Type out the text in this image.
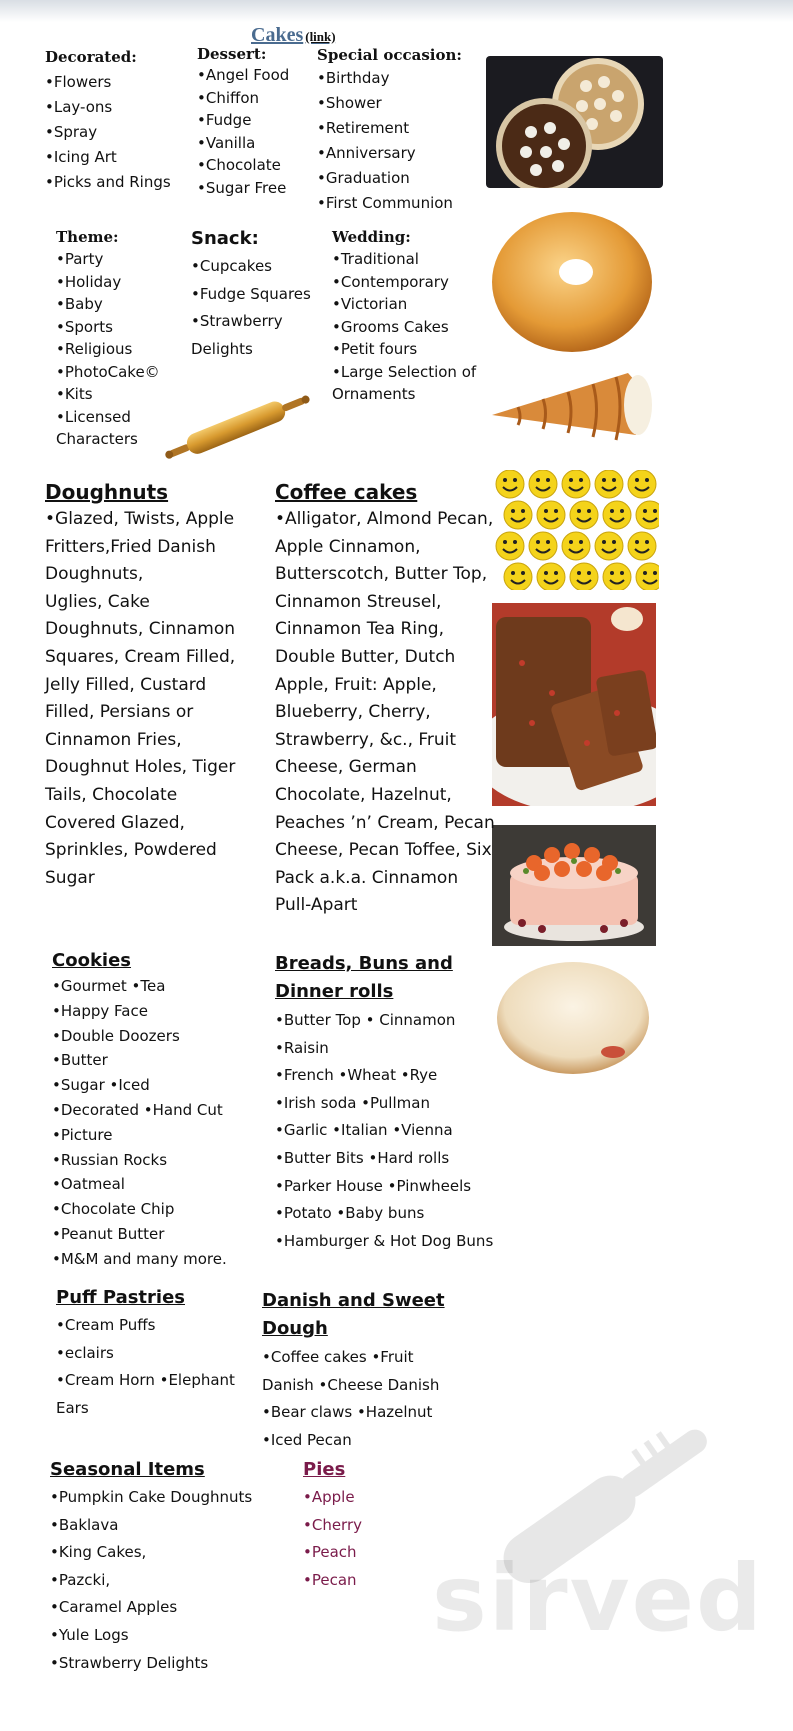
Cakes (link)
Decorated:
•Flowers
•Lay-ons
•Spray
•Icing Art
•Picks and Rings
Dessert:
•Angel Food
•Chiffon
•Fudge
•Vanilla
•Chocolate
•Sugar Free
Special occasion:
•Birthday
•Shower
•Retirement
•Anniversary
•Graduation
•First Communion
Theme:
•Party
•Holiday
•Baby
•Sports
•Religious
•PhotoCake©
•Kits
•Licensed
Characters
Snack:
•Cupcakes
•Fudge Squares
•Strawberry
Delights
Wedding:
•Traditional
•Contemporary
•Victorian
•Grooms Cakes
•Petit fours
•Large Selection of
Ornaments
Doughnuts
•Glazed, Twists, Apple
Fritters,Fried Danish
Doughnuts,
Uglies, Cake
Doughnuts, Cinnamon
Squares, Cream Filled,
Jelly Filled, Custard
Filled, Persians or
Cinnamon Fries,
Doughnut Holes, Tiger
Tails, Chocolate
Covered Glazed,
Sprinkles, Powdered
Sugar
Coffee cakes
•Alligator, Almond Pecan,
Apple Cinnamon,
Butterscotch, Butter Top,
Cinnamon Streusel,
Cinnamon Tea Ring,
Double Butter, Dutch
Apple, Fruit: Apple,
Blueberry, Cherry,
Strawberry, &c., Fruit
Cheese, German
Chocolate, Hazelnut,
Peaches ’n’ Cream, Pecan
Cheese, Pecan Toffee, Six
Pack a.k.a. Cinnamon
Pull-Apart
Cookies
•Gourmet •Tea
•Happy Face
•Double Doozers
•Butter
•Sugar •Iced
•Decorated •Hand Cut
•Picture
•Russian Rocks
•Oatmeal
•Chocolate Chip
•Peanut Butter
•M&M and many more.
Breads, Buns and
Dinner rolls
•Butter Top • Cinnamon
•Raisin
•French •Wheat •Rye
•Irish soda •Pullman
•Garlic •Italian •Vienna
•Butter Bits •Hard rolls
•Parker House •Pinwheels
•Potato •Baby buns
•Hamburger & Hot Dog Buns
Puff Pastries
•Cream Puffs
•eclairs
•Cream Horn •Elephant
Ears
Danish and Sweet
Dough
•Coffee cakes •Fruit
Danish •Cheese Danish
•Bear claws •Hazelnut
•Iced Pecan
sirved
Seasonal Items
•Pumpkin Cake Doughnuts
•Baklava
•King Cakes,
•Pazcki,
•Caramel Apples
•Yule Logs
•Strawberry Delights
Pies
•Apple
•Cherry
•Peach
•Pecan
